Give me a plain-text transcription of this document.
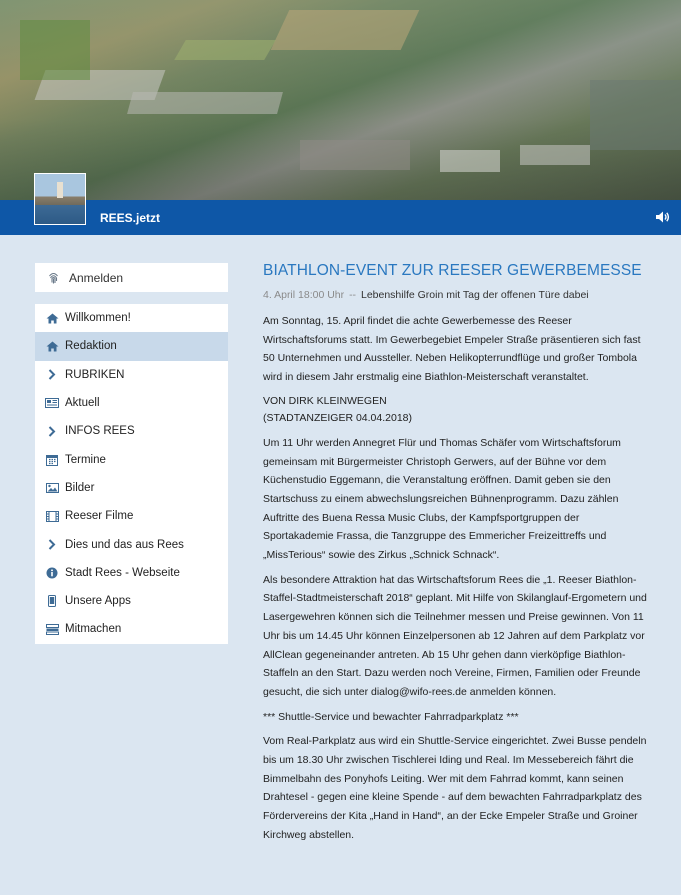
REES.jetzt
Anmelden
Willkommen!
Redaktion
RUBRIKEN
Aktuell
INFOS REES
Termine
Bilder
Reeser Filme
Dies und das aus Rees
Stadt Rees - Webseite
Unsere Apps
Mitmachen
BIATHLON-EVENT ZUR REESER GEWERBEMESSE
4. April 18:00 Uhr -- Lebenshilfe Groin mit Tag der offenen Türe dabei

Am Sonntag, 15. April findet die achte Gewerbemesse des Reeser Wirtschaftsforums statt. Im Gewerbegebiet Empeler Straße präsentieren sich fast 50 Unternehmen und Aussteller. Neben Helikopterrundflüge und großer Tombola wird in diesem Jahr erstmalig eine Biathlon-Meisterschaft veranstaltet.

VON DIRK KLEINWEGEN
(STADTANZEIGER 04.04.2018)

Um 11 Uhr werden Annegret Flür und Thomas Schäfer vom Wirtschaftsforum gemeinsam mit Bürgermeister Christoph Gerwers, auf der Bühne vor dem Küchenstudio Eggemann, die Veranstaltung eröffnen. Damit geben sie den Startschuss zu einem abwechslungsreichen Bühnenprogramm. Dazu zählen Auftritte des Buena Ressa Music Clubs, der Kampfsportgruppen der Sportakademie Frassa, die Tanzgruppe des Emmericher Freizeittreffs und „MissTerious“ sowie des Zirkus „Schnick Schnack“.

Als besondere Attraktion hat das Wirtschaftsforum Rees die „1. Reeser Biathlon-Staffel-Stadtmeisterschaft 2018“ geplant. Mit Hilfe von Skilanglauf-Ergometern und Lasergewehren können sich die Teilnehmer messen und Preise gewinnen. Von 11 Uhr bis um 14.45 Uhr können Einzelpersonen ab 12 Jahren auf dem Parkplatz vor AllClean gegeneinander antreten. Ab 15 Uhr gehen dann vierköpfige Biathlon-Staffeln an den Start. Dazu werden noch Vereine, Firmen, Familien oder Freunde gesucht, die sich unter dialog@wifo-rees.de anmelden können.

*** Shuttle-Service und bewachter Fahrradparkplatz ***

Vom Real-Parkplatz aus wird ein Shuttle-Service eingerichtet. Zwei Busse pendeln bis um 18.30 Uhr zwischen Tischlerei Iding und Real. Im Messebereich fährt die Bimmelbahn des Ponyhofs Leiting. Wer mit dem Fahrrad kommt, kann seinen Drahtesel - gegen eine kleine Spende - auf dem bewachten Fahrradparkplatz des Fördervereins der Kita „Hand in Hand“, an der Ecke Empeler Straße und Groiner Kirchweg abstellen.
